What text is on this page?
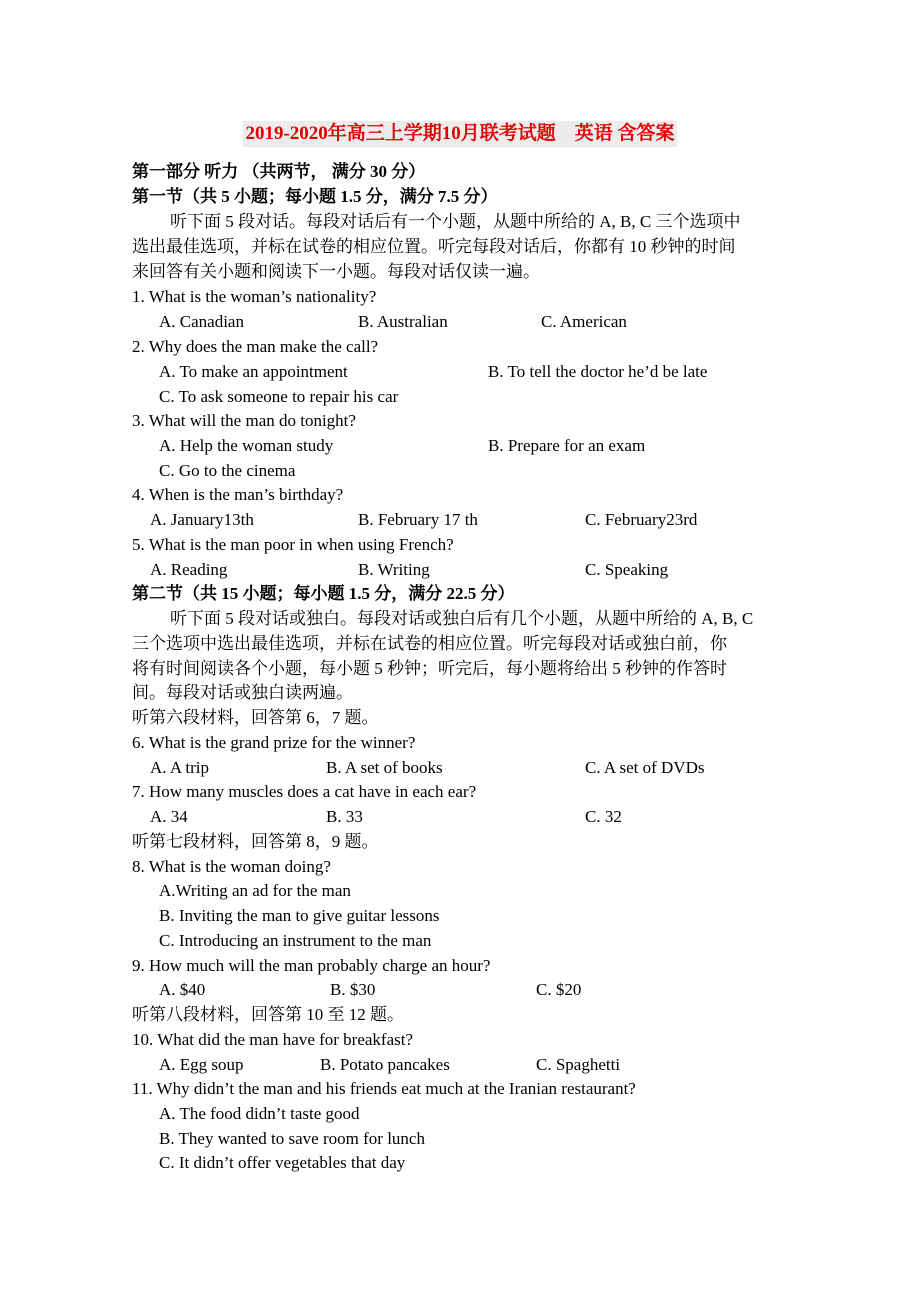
2019-2020年高三上学期10月联考试题　英语 含答案
第一部分 听力 （共两节， 满分 30 分）
第一节（共 5 小题；每小题 1.5 分，满分 7.5 分）
听下面 5 段对话。每段对话后有一个小题，从题中所给的 A, B, C 三个选项中
选出最佳选项，并标在试卷的相应位置。听完每段对话后，你都有 10 秒钟的时间
来回答有关小题和阅读下一小题。每段对话仅读一遍。
1. What is the woman’s nationality?
A. Canadian	B. Australian	C. American
2. Why does the man make the call?
A. To make an appointment	B. To tell the doctor he’d be late
C. To ask someone to repair his car
3. What will the man do tonight?
A. Help the woman study	B. Prepare for an exam
C. Go to the cinema
4. When is the man’s birthday?
A. January13th	B. February 17 th	C. February23rd
5. What is the man poor in when using French?
A. Reading	B. Writing	C. Speaking
第二节（共 15 小题；每小题 1.5 分，满分 22.5 分）
听下面 5 段对话或独白。每段对话或独白后有几个小题，从题中所给的 A, B, C
三个选项中选出最佳选项，并标在试卷的相应位置。听完每段对话或独白前，你
将有时间阅读各个小题，每小题 5 秒钟；听完后，每小题将给出 5 秒钟的作答时
间。每段对话或独白读两遍。
听第六段材料，回答第 6，7 题。
6. What is the grand prize for the winner?
A. A trip	B. A set of books	C. A set of DVDs
7. How many muscles does a cat have in each ear?
A. 34	B. 33	C. 32
听第七段材料，回答第 8，9 题。
8. What is the woman doing?
A.Writing an ad for the man
B. Inviting the man to give guitar lessons
C. Introducing an instrument to the man
9. How much will the man probably charge an hour?
A. $40	B. $30	C. $20
听第八段材料，回答第 10 至 12 题。
10. What did the man have for breakfast?
A. Egg soup	B. Potato pancakes	C. Spaghetti
11. Why didn’t the man and his friends eat much at the Iranian restaurant?
A. The food didn’t taste good
B. They wanted to save room for lunch
C. It didn’t offer vegetables that day
